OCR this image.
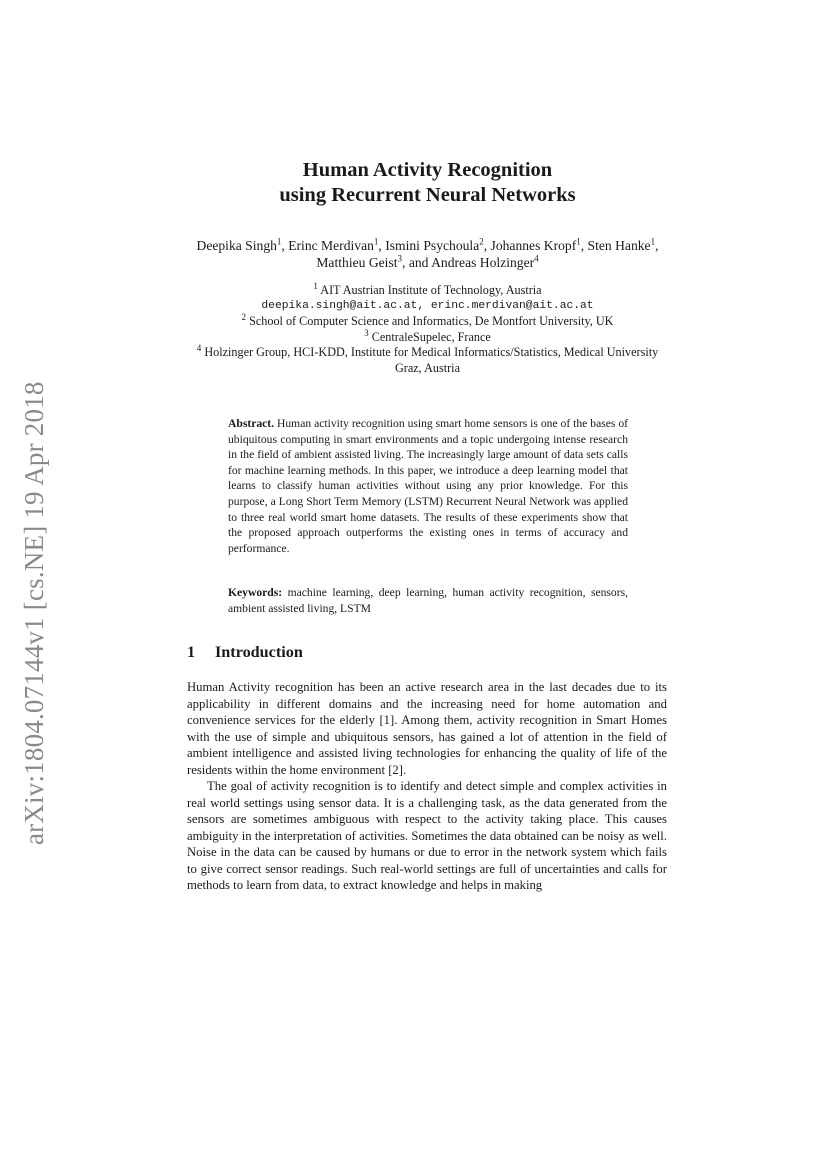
arXiv:1804.07144v1 [cs.NE] 19 Apr 2018
Human Activity Recognition
using Recurrent Neural Networks
Deepika Singh$^1$, Erinc Merdivan$^1$, Ismini Psychoula$^2$, Johannes Kropf$^1$, Sten Hanke$^1$, Matthieu Geist$^3$, and Andreas Holzinger$^4$

$^1$ AIT Austrian Institute of Technology, Austria

deepika.singh@ait.ac.at, erinc.merdivan@ait.ac.at

$^2$ School of Computer Science and Informatics, De Montfort University, UK

$^3$ CentraleSupelec, France

$^4$ Holzinger Group, HCI-KDD, Institute for Medical Informatics/Statistics, Medical University Graz, Austria

Abstract. Human activity recognition using smart home sensors is one of the bases of ubiquitous computing in smart environments and a topic undergoing intense research in the field of ambient assisted living. The increasingly large amount of data sets calls for machine learning methods. In this paper, we introduce a deep learning model that learns to classify human activities without using any prior knowledge. For this purpose, a Long Short Term Memory (LSTM) Recurrent Neural Network was applied to three real world smart home datasets. The results of these experiments show that the proposed approach outperforms the existing ones in terms of accuracy and performance.

Keywords: machine learning, deep learning, human activity recognition, sensors, ambient assisted living, LSTM
1 Introduction

Human Activity recognition has been an active research area in the last decades due to its applicability in different domains and the increasing need for home automation and convenience services for the elderly [1]. Among them, activity recognition in Smart Homes with the use of simple and ubiquitous sensors, has gained a lot of attention in the field of ambient intelligence and assisted living technologies for enhancing the quality of life of the residents within the home environment [2].

The goal of activity recognition is to identify and detect simple and complex activities in real world settings using sensor data. It is a challenging task, as the data generated from the sensors are sometimes ambiguous with respect to the activity taking place. This causes ambiguity in the interpretation of activities. Sometimes the data obtained can be noisy as well. Noise in the data can be caused by humans or due to error in the network system which fails to give correct sensor readings. Such real-world settings are full of uncertainties and calls for methods to learn from data, to extract knowledge and helps in making
